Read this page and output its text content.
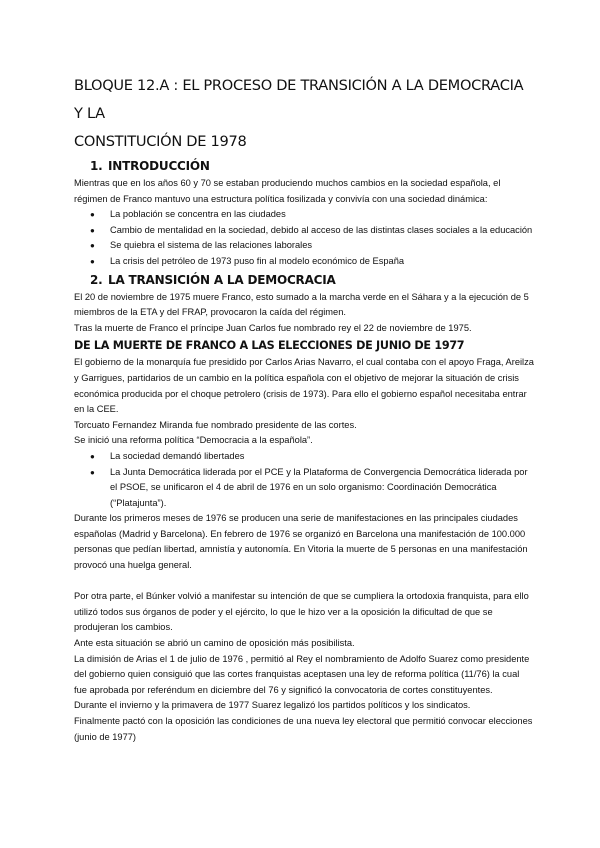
BLOQUE 12.A : EL PROCESO DE TRANSICIÓN A LA DEMOCRACIA Y LA
CONSTITUCIÓN DE 1978
1. INTRODUCCIÓN

Mientras que en los años 60 y 70 se estaban produciendo muchos cambios en la sociedad española, el régimen de Franco mantuvo una estructura política fosilizada y convivía con una sociedad dinámica:

● La población se concentra en las ciudades
● Cambio de mentalidad en la sociedad, debido al acceso de las distintas clases sociales a la educación
● Se quiebra el sistema de las relaciones laborales
● La crisis del petróleo de 1973 puso fin al modelo económico de España
2. LA TRANSICIÓN A LA DEMOCRACIA

El 20 de noviembre de 1975 muere Franco, esto sumado a la marcha verde en el Sáhara y a la ejecución de 5 miembros de la ETA y del FRAP, provocaron la caída del régimen.

Tras la muerte de Franco el príncipe Juan Carlos fue nombrado rey el 22 de noviembre de 1975.

DE LA MUERTE DE FRANCO A LAS ELECCIONES DE JUNIO DE 1977

El gobierno de la monarquía fue presidido por Carlos Arias Navarro, el cual contaba con el apoyo Fraga, Areilza y Garrigues, partidarios de un cambio en la política española con el objetivo de mejorar la situación de crisis económica producida por el choque petrolero (crisis de 1973). Para ello el gobierno español necesitaba entrar en la CEE.

Torcuato Fernandez Miranda fue nombrado presidente de las cortes.

Se inició una reforma política “Democracia a la española”.

● La sociedad demandó libertades
● La Junta Democrática liderada por el PCE y la Plataforma de Convergencia Democrática liderada por el PSOE, se unificaron el 4 de abril de 1976 en un solo organismo: Coordinación Democrática (“Platajunta”).

Durante los primeros meses de 1976 se producen una serie de manifestaciones en las principales ciudades españolas (Madrid y Barcelona). En febrero de 1976 se organizó en Barcelona una manifestación de 100.000 personas que pedían libertad, amnistía y autonomía. En Vitoria la muerte de 5 personas en una manifestación provocó una huelga general.

Por otra parte, el Búnker volvió a manifestar su intención de que se cumpliera la ortodoxia franquista, para ello utilizó todos sus órganos de poder y el ejército, lo que le hizo ver a la oposición la dificultad de que se produjeran los cambios.

Ante esta situación se abrió un camino de oposición más posibilista.

La dimisión de Arias el 1 de julio de 1976 , permitió al Rey el nombramiento de Adolfo Suarez como presidente del gobierno quien consiguió que las cortes franquistas aceptasen una ley de reforma política (11/76) la cual fue aprobada por referéndum en diciembre del 76 y significó la convocatoria de cortes constituyentes.

Durante el invierno y la primavera de 1977 Suarez legalizó los partidos políticos y los sindicatos.

Finalmente pactó con la oposición las condiciones de una nueva ley electoral que permitió convocar elecciones (junio de 1977)
